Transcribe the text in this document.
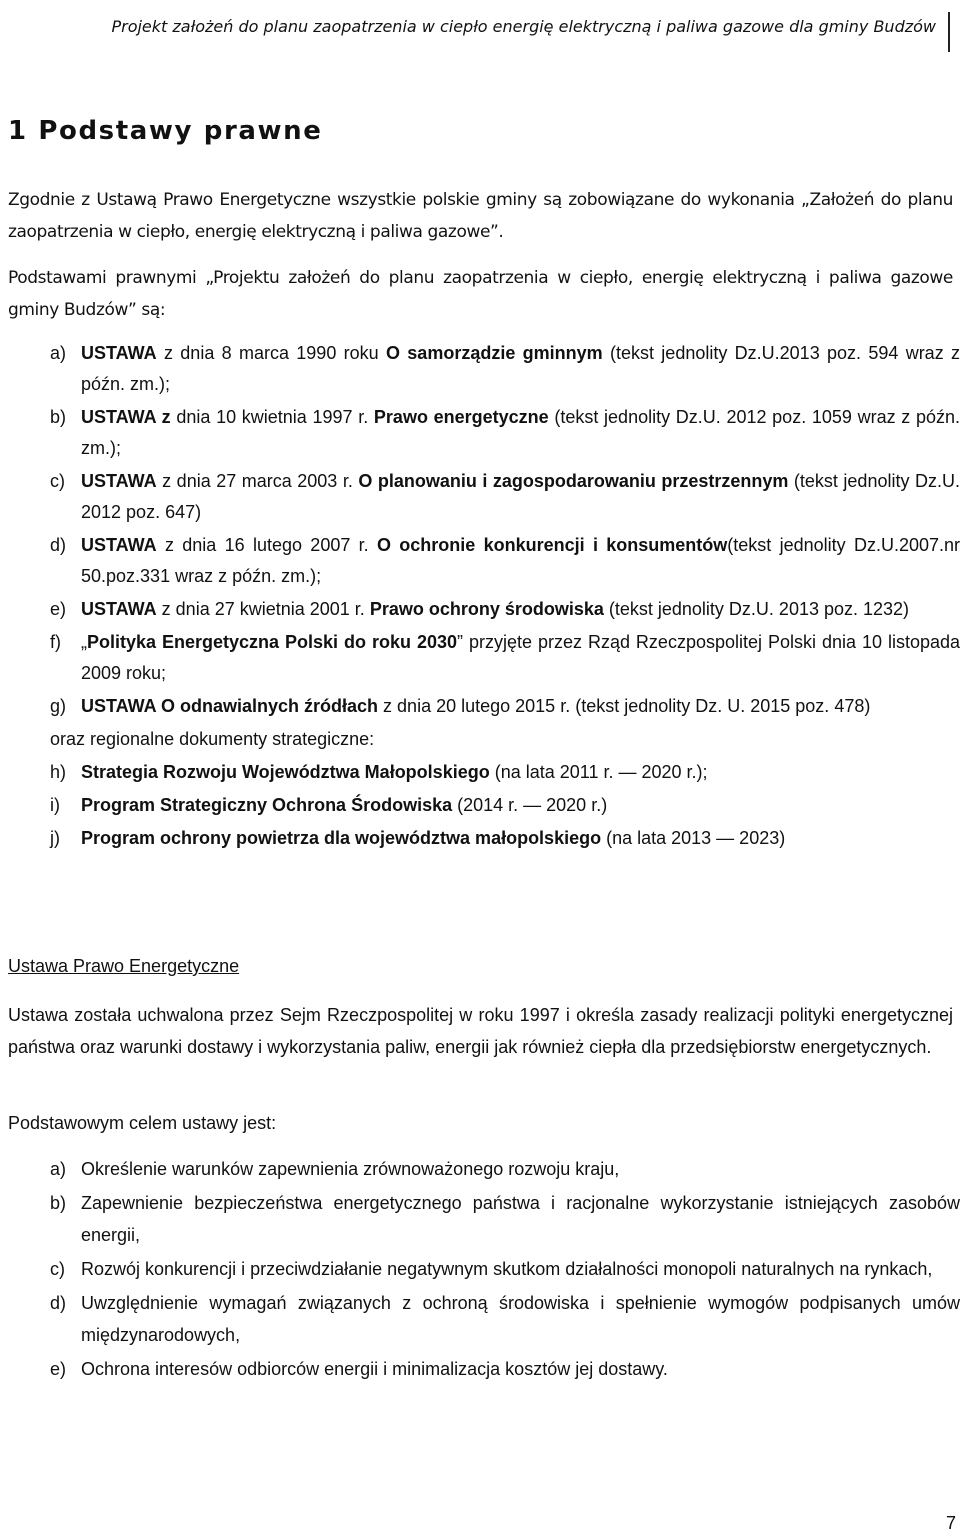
Projekt założeń do planu zaopatrzenia w ciepło energię elektryczną i paliwa gazowe dla gminy Budzów
1 Podstawy prawne

Zgodnie z Ustawą Prawo Energetyczne wszystkie polskie gminy są zobowiązane do wykonania „Założeń do planu zaopatrzenia w ciepło, energię elektryczną i paliwa gazowe”.

Podstawami prawnymi „Projektu założeń do planu zaopatrzenia w ciepło, energię elektryczną i paliwa gazowe gminy Budzów” są:

a) USTAWA z dnia 8 marca 1990 roku O samorządzie gminnym (tekst jednolity Dz.U.2013 poz. 594 wraz z późn. zm.);
b) USTAWA z dnia 10 kwietnia 1997 r. Prawo energetyczne (tekst jednolity Dz.U. 2012 poz. 1059 wraz z późn. zm.);
c) USTAWA z dnia 27 marca 2003 r. O planowaniu i zagospodarowaniu przestrzennym (tekst jednolity Dz.U. 2012 poz. 647)
d) USTAWA z dnia 16 lutego 2007 r. O ochronie konkurencji i konsumentów(tekst jednolity Dz.U.2007.nr 50.poz.331 wraz z późn. zm.);
e) USTAWA z dnia 27 kwietnia 2001 r. Prawo ochrony środowiska (tekst jednolity Dz.U. 2013 poz. 1232)
f) „Polityka Energetyczna Polski do roku 2030” przyjęte przez Rząd Rzeczpospolitej Polski dnia 10 listopada 2009 roku;
g) USTAWA O odnawialnych źródłach z dnia 20 lutego 2015 r. (tekst jednolity Dz. U. 2015 poz. 478)
oraz regionalne dokumenty strategiczne:
h) Strategia Rozwoju Województwa Małopolskiego (na lata 2011 r. — 2020 r.);
i) Program Strategiczny Ochrona Środowiska (2014 r. — 2020 r.)
j) Program ochrony powietrza dla województwa małopolskiego (na lata 2013 — 2023)
Ustawa Prawo Energetyczne

Ustawa została uchwalona przez Sejm Rzeczpospolitej w roku 1997 i określa zasady realizacji polityki energetycznej państwa oraz warunki dostawy i wykorzystania paliw, energii jak również ciepła dla przedsiębiorstw energetycznych.

Podstawowym celem ustawy jest:

a) Określenie warunków zapewnienia zrównoważonego rozwoju kraju,
b) Zapewnienie bezpieczeństwa energetycznego państwa i racjonalne wykorzystanie istniejących zasobów energii,
c) Rozwój konkurencji i przeciwdziałanie negatywnym skutkom działalności monopoli naturalnych na rynkach,
d) Uwzględnienie wymagań związanych z ochroną środowiska i spełnienie wymogów podpisanych umów międzynarodowych,
e) Ochrona interesów odbiorców energii i minimalizacja kosztów jej dostawy.
7
